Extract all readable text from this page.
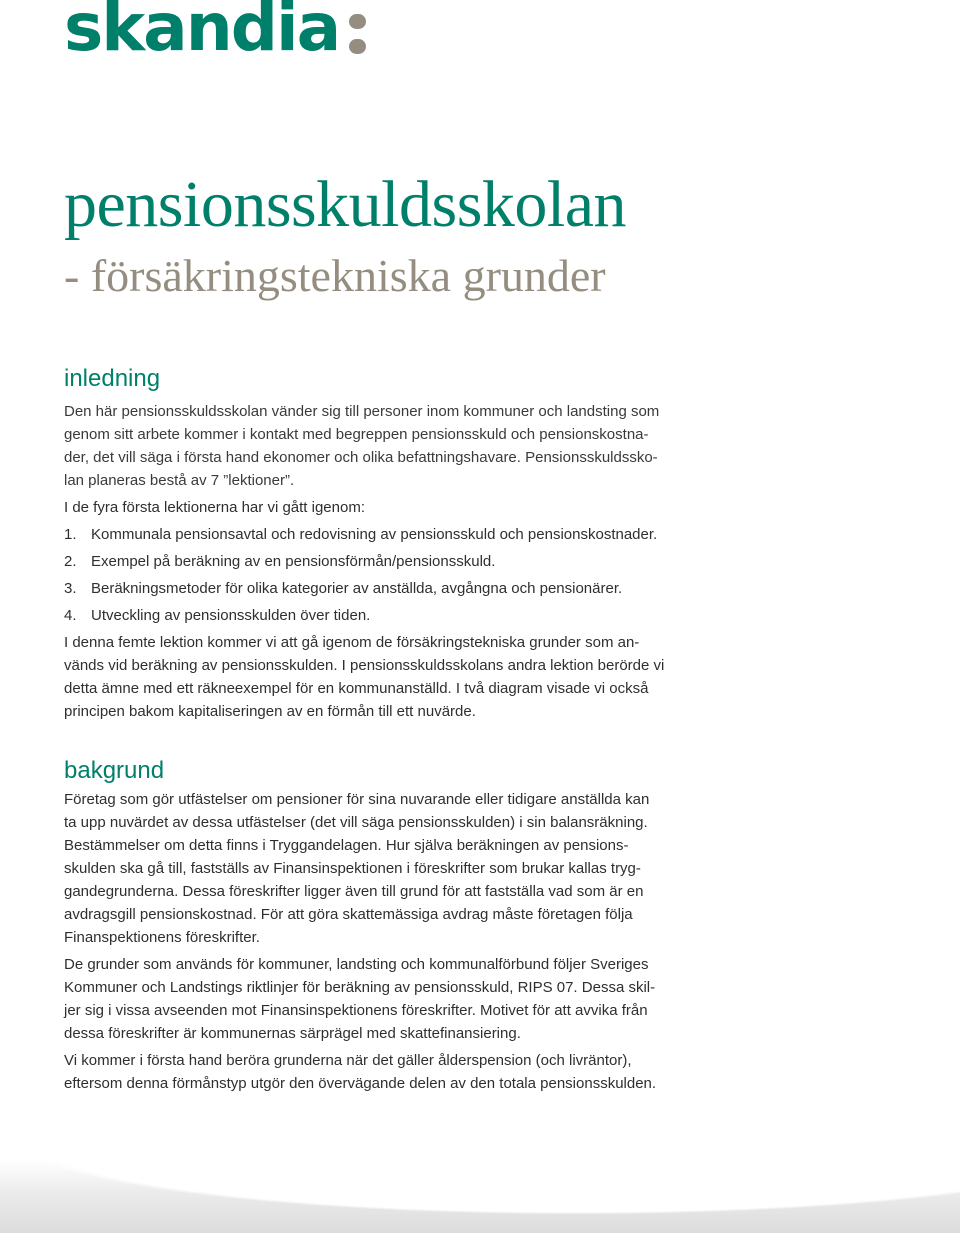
skandia
pensionsskuldsskolan
- försäkringstekniska grunder
inledning

Den här pensionsskuldsskolan vänder sig till personer inom kommuner och landsting som

genom sitt arbete kommer i kontakt med begreppen pensionsskuld och pensionskostna-

der, det vill säga i första hand ekonomer och olika befattningshavare. Pensionsskuldssko-

lan planeras bestå av 7 ”lektioner”.

I de fyra första lektionerna har vi gått igenom:

1. Kommunala pensionsavtal och redovisning av pensionsskuld och pensionskostnader.
2. Exempel på beräkning av en pensionsförmån/pensionsskuld.
3. Beräkningsmetoder för olika kategorier av anställda, avgångna och pensionärer.
4. Utveckling av pensionsskulden över tiden.

I denna femte lektion kommer vi att gå igenom de försäkringstekniska grunder som an-

vänds vid beräkning av pensionsskulden. I pensionsskuldsskolans andra lektion berörde vi

detta ämne med ett räkneexempel för en kommunanställd. I två diagram visade vi också

principen bakom kapitaliseringen av en förmån till ett nuvärde.

bakgrund

Företag som gör utfästelser om pensioner för sina nuvarande eller tidigare anställda kan

ta upp nuvärdet av dessa utfästelser (det vill säga pensionsskulden) i sin balansräkning.

Bestämmelser om detta finns i Tryggandelagen. Hur själva beräkningen av pensions-

skulden ska gå till, fastställs av Finansinspektionen i föreskrifter som brukar kallas tryg-

gandegrunderna. Dessa föreskrifter ligger även till grund för att fastställa vad som är en

avdragsgill pensionskostnad. För att göra skattemässiga avdrag måste företagen följa

Finanspektionens föreskrifter.

De grunder som används för kommuner, landsting och kommunalförbund följer Sveriges

Kommuner och Landstings riktlinjer för beräkning av pensionsskuld, RIPS 07. Dessa skil-

jer sig i vissa avseenden mot Finansinspektionens föreskrifter. Motivet för att avvika från

dessa föreskrifter är kommunernas särprägel med skattefinansiering.

Vi kommer i första hand beröra grunderna när det gäller ålderspension (och livräntor),

eftersom denna förmånstyp utgör den övervägande delen av den totala pensionsskulden.
